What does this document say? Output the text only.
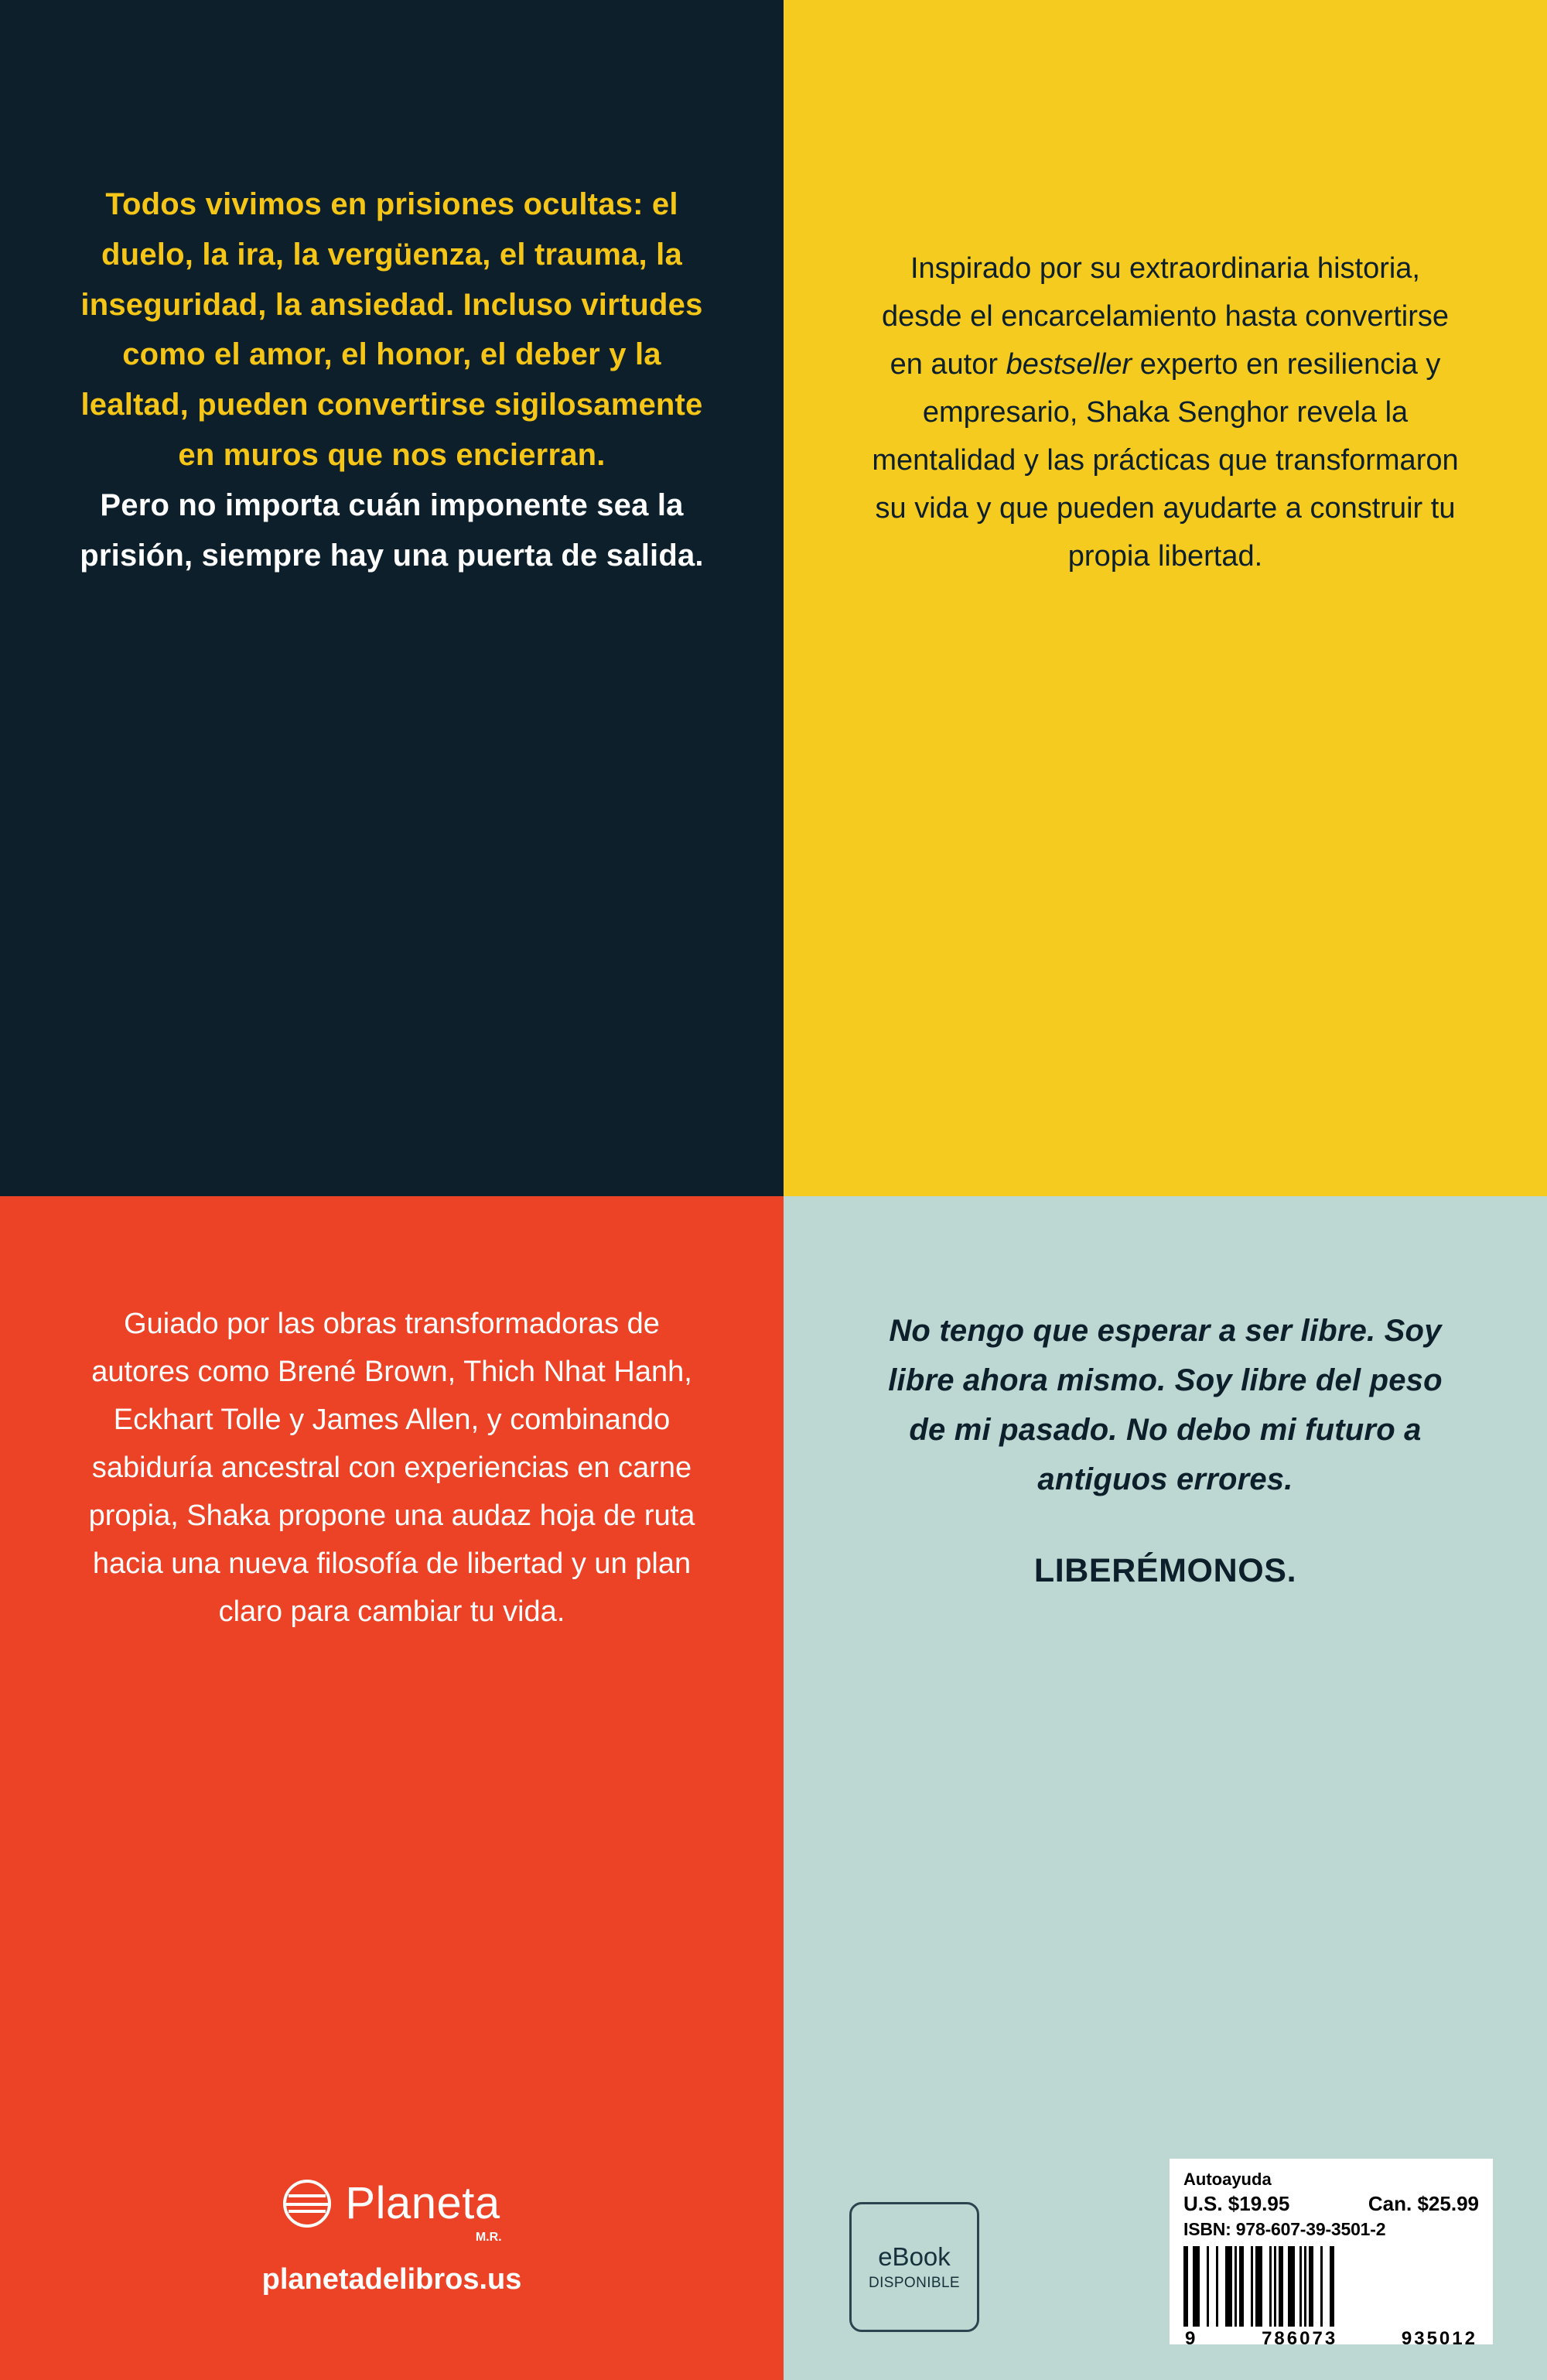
Todos vivimos en prisiones ocultas: el duelo, la ira, la vergüenza, el trauma, la inseguridad, la ansiedad. Incluso virtudes como el amor, el honor, el deber y la lealtad, pueden convertirse sigilosamente en muros que nos encierran.

Pero no importa cuán imponente sea la prisión, siempre hay una puerta de salida.

Inspirado por su extraordinaria historia, desde el encarcelamiento hasta convertirse en autor bestseller experto en resiliencia y empresario, Shaka Senghor revela la mentalidad y las prácticas que transformaron su vida y que pueden ayudarte a construir tu propia libertad.

Guiado por las obras transformadoras de autores como Brené Brown, Thich Nhat Hanh, Eckhart Tolle y James Allen, y combinando sabiduría ancestral con experiencias en carne propia, Shaka propone una audaz hoja de ruta hacia una nueva filosofía de libertad y un plan claro para cambiar tu vida.

Planeta
M.R.
planetadelibros.us

No tengo que esperar a ser libre. Soy libre ahora mismo. Soy libre del peso de mi pasado. No debo mi futuro a antiguos errores.

LIBERÉMONOS.

eBook
DISPONIBLE
Autoayuda
U.S. $19.95	Can. $25.99
ISBN: 978-607-39-3501-2
9	786073	935012
